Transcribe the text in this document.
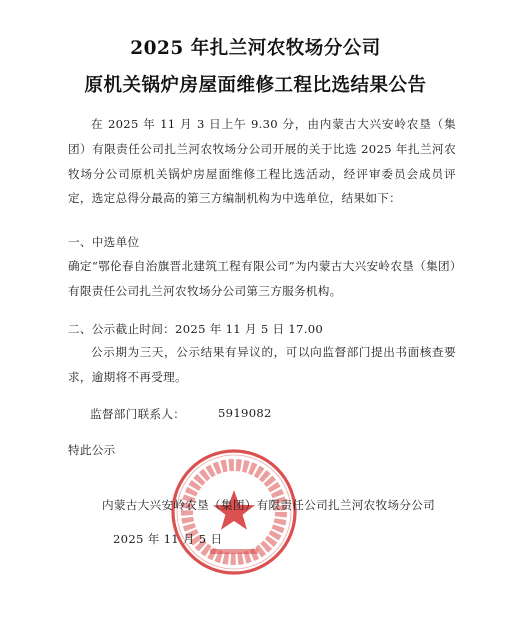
2025 年扎兰河农牧场分公司
原机关锅炉房屋面维修工程比选结果公告
在 2025 年 11 月 3 日上午 9.30 分，由内蒙古大兴安岭农垦（集团）有限责任公司扎兰河农牧场分公司开展的关于比选 2025 年扎兰河农牧场分公司原机关锅炉房屋面维修工程比选活动，经评审委员会成员评定，选定总得分最高的第三方编制机构为中选单位，结果如下：
一、中选单位
确定“鄂伦春自治旗晋北建筑工程有限公司”为内蒙古大兴安岭农垦（集团）有限责任公司扎兰河农牧场分公司第三方服务机构。
二、公示截止时间：2025 年 11 月 5 日 17.00
公示期为三天，公示结果有异议的，可以向监督部门提出书面核查要求，逾期将不再受理。
监督部门联系人：	5919082
特此公示
内蒙古大兴安岭农垦（集团）有限责任公司扎兰河农牧场分公司
2025 年 11 月 5 日
